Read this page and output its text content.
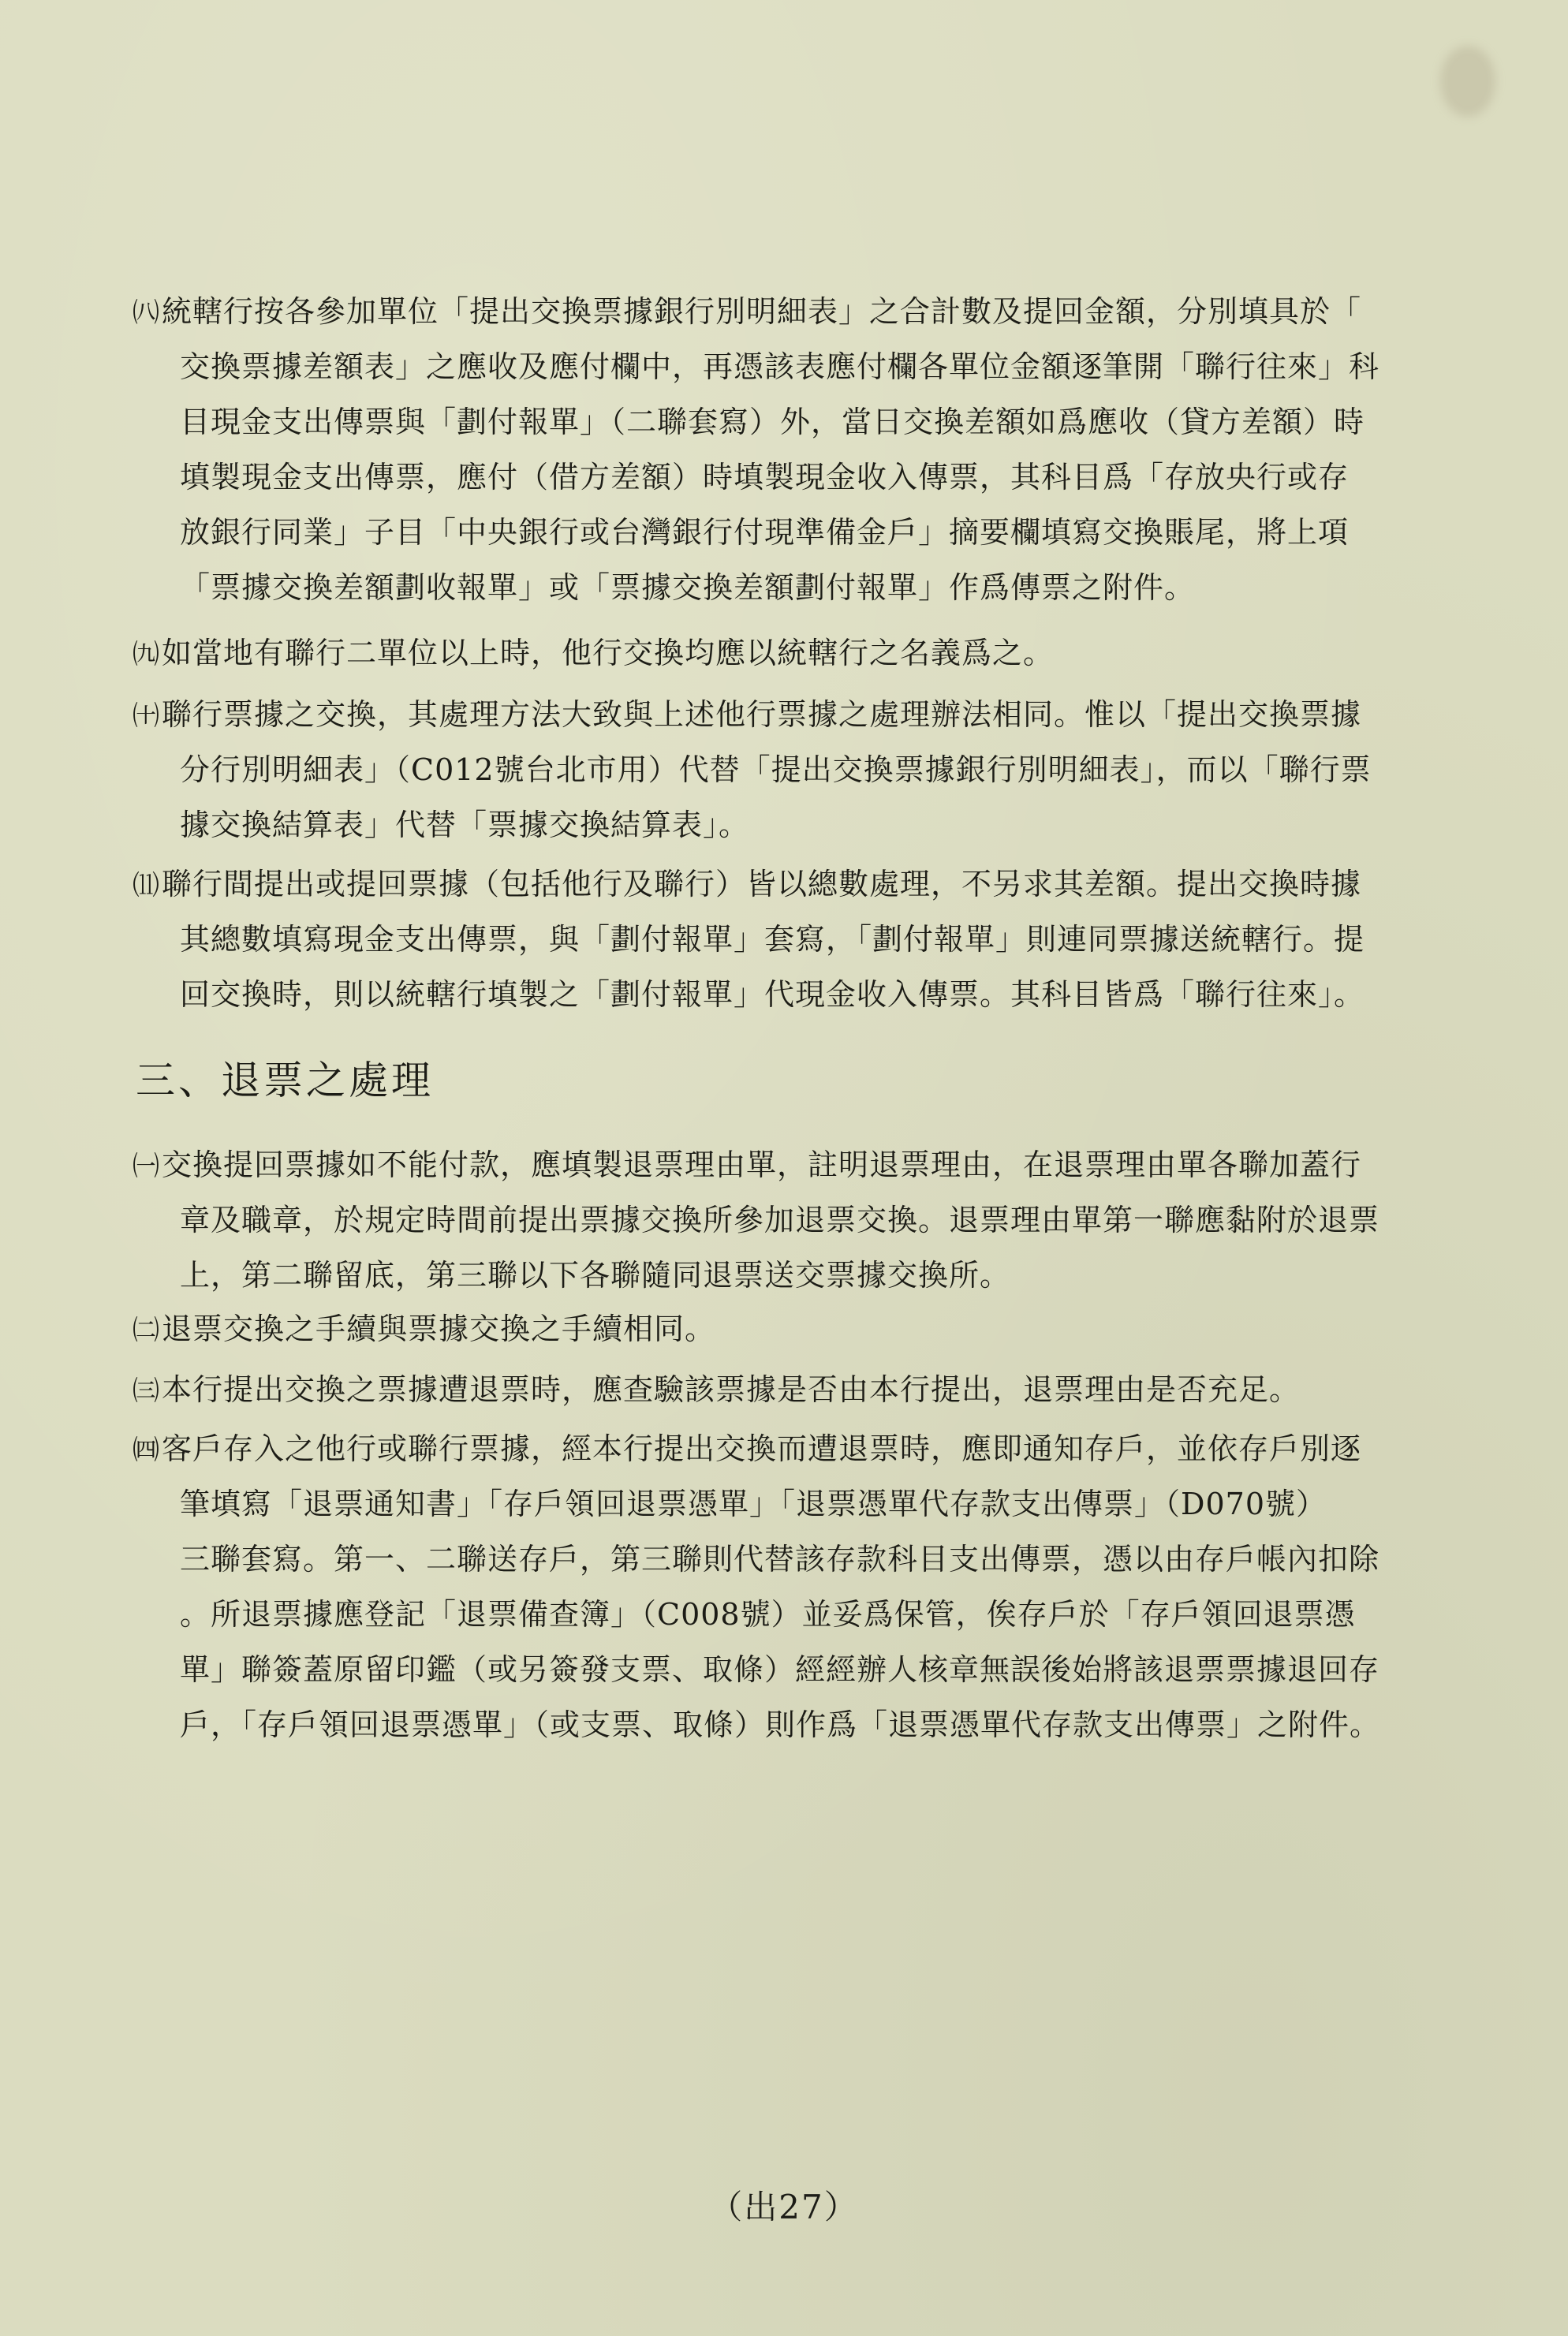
㈧統轄行按各參加單位「提出交換票據銀行別明細表」之合計數及提回金額，分別填具於「
交換票據差額表」之應收及應付欄中，再憑該表應付欄各單位金額逐筆開「聯行往來」科
目現金支出傳票與「劃付報單」（二聯套寫）外，當日交換差額如爲應收（貸方差額）時
填製現金支出傳票，應付（借方差額）時填製現金收入傳票，其科目爲「存放央行或存
放銀行同業」子目「中央銀行或台灣銀行付現準備金戶」摘要欄填寫交換賬尾，將上項
「票據交換差額劃收報單」或「票據交換差額劃付報單」作爲傳票之附件。
㈨如當地有聯行二單位以上時，他行交換均應以統轄行之名義爲之。
㈩聯行票據之交換，其處理方法大致與上述他行票據之處理辦法相同。惟以「提出交換票據
分行別明細表」（C012號台北市用）代替「提出交換票據銀行別明細表」，而以「聯行票
據交換結算表」代替「票據交換結算表」。
⑾聯行間提出或提回票據（包括他行及聯行）皆以總數處理，不另求其差額。提出交換時據
其總數填寫現金支出傳票，與「劃付報單」套寫，「劃付報單」則連同票據送統轄行。提
回交換時，則以統轄行填製之「劃付報單」代現金收入傳票。其科目皆爲「聯行往來」。
三、退票之處理
㈠交換提回票據如不能付款，應填製退票理由單，註明退票理由，在退票理由單各聯加蓋行
章及職章，於規定時間前提出票據交換所參加退票交換。退票理由單第一聯應黏附於退票
上，第二聯留底，第三聯以下各聯隨同退票送交票據交換所。
㈡退票交換之手續與票據交換之手續相同。
㈢本行提出交換之票據遭退票時，應查驗該票據是否由本行提出，退票理由是否充足。
㈣客戶存入之他行或聯行票據，經本行提出交換而遭退票時，應即通知存戶，並依存戶別逐
筆填寫「退票通知書」「存戶領回退票憑單」「退票憑單代存款支出傳票」（D070號）
三聯套寫。第一、二聯送存戶，第三聯則代替該存款科目支出傳票，憑以由存戶帳內扣除
。所退票據應登記「退票備查簿」（C008號）並妥爲保管，俟存戶於「存戶領回退票憑
單」聯簽蓋原留印鑑（或另簽發支票、取條）經經辦人核章無誤後始將該退票票據退回存
戶，「存戶領回退票憑單」（或支票、取條）則作爲「退票憑單代存款支出傳票」之附件。
（出27）
